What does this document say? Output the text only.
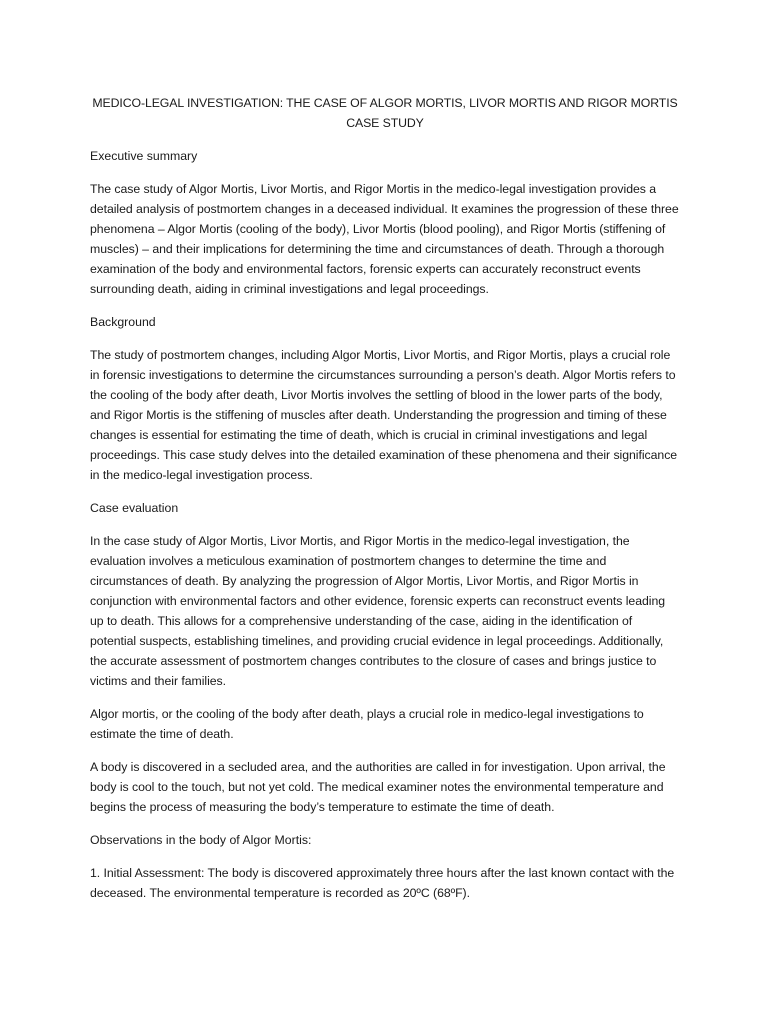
MEDICO-LEGAL INVESTIGATION: THE CASE OF ALGOR MORTIS, LIVOR MORTIS AND RIGOR MORTIS CASE STUDY

Executive summary

The case study of Algor Mortis, Livor Mortis, and Rigor Mortis in the medico-legal investigation provides a detailed analysis of postmortem changes in a deceased individual. It examines the progression of these three phenomena – Algor Mortis (cooling of the body), Livor Mortis (blood pooling), and Rigor Mortis (stiffening of muscles) – and their implications for determining the time and circumstances of death. Through a thorough examination of the body and environmental factors, forensic experts can accurately reconstruct events surrounding death, aiding in criminal investigations and legal proceedings.

Background

The study of postmortem changes, including Algor Mortis, Livor Mortis, and Rigor Mortis, plays a crucial role in forensic investigations to determine the circumstances surrounding a person’s death. Algor Mortis refers to the cooling of the body after death, Livor Mortis involves the settling of blood in the lower parts of the body, and Rigor Mortis is the stiffening of muscles after death. Understanding the progression and timing of these changes is essential for estimating the time of death, which is crucial in criminal investigations and legal proceedings. This case study delves into the detailed examination of these phenomena and their significance in the medico-legal investigation process.

Case evaluation

In the case study of Algor Mortis, Livor Mortis, and Rigor Mortis in the medico-legal investigation, the evaluation involves a meticulous examination of postmortem changes to determine the time and circumstances of death. By analyzing the progression of Algor Mortis, Livor Mortis, and Rigor Mortis in conjunction with environmental factors and other evidence, forensic experts can reconstruct events leading up to death. This allows for a comprehensive understanding of the case, aiding in the identification of potential suspects, establishing timelines, and providing crucial evidence in legal proceedings. Additionally, the accurate assessment of postmortem changes contributes to the closure of cases and brings justice to victims and their families.

Algor mortis, or the cooling of the body after death, plays a crucial role in medico-legal investigations to estimate the time of death.

A body is discovered in a secluded area, and the authorities are called in for investigation. Upon arrival, the body is cool to the touch, but not yet cold. The medical examiner notes the environmental temperature and begins the process of measuring the body’s temperature to estimate the time of death.

Observations in the body of Algor Mortis:

1. Initial Assessment: The body is discovered approximately three hours after the last known contact with the deceased. The environmental temperature is recorded as 20ºC (68ºF).
